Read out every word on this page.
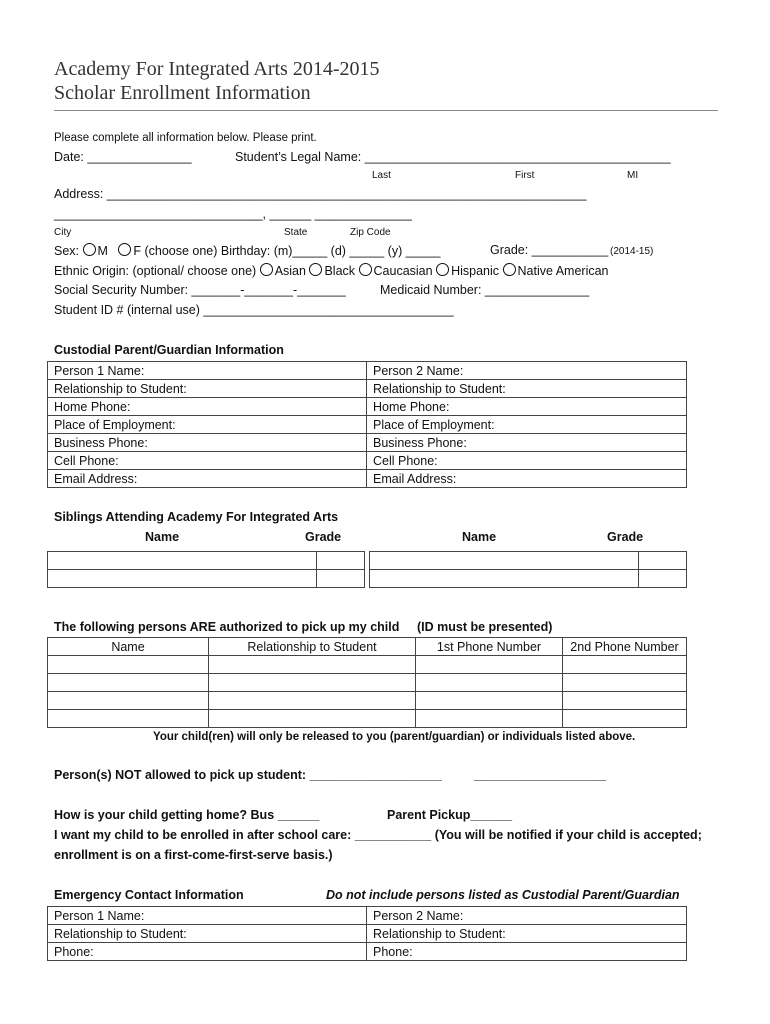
Academy For Integrated Arts 2014-2015
Scholar Enrollment Information
Please complete all information below. Please print.
Date: _______________	Student’s Legal Name: ____________________________________________
Last	First	MI
Address: _____________________________________________________________________
______________________________, ______ ______________
City	State	Zip Code
Sex: M F (choose one) Birthday: (m)_____ (d) _____ (y) _____	Grade: ___________ (2014-15)
Ethnic Origin: (optional/ choose one) Asian Black Caucasian Hispanic Native American
Social Security Number: _______-_______-_______	Medicaid Number: _______________
Student ID # (internal use) ____________________________________
Custodial Parent/Guardian Information
Person 1 Name:	Person 2 Name:
Relationship to Student:	Relationship to Student:
Home Phone:	Home Phone:
Place of Employment:	Place of Employment:
Business Phone:	Business Phone:
Cell Phone:	Cell Phone:
Email Address:	Email Address:
Siblings Attending Academy For Integrated Arts
Name	Grade	Name	Grade

The following persons ARE authorized to pick up my child (ID must be presented)
Name	Relationship to Student	1st Phone Number	2nd Phone Number

Your child(ren) will only be released to you (parent/guardian) or individuals listed above.
Person(s) NOT allowed to pick up student: ___________________	___________________
How is your child getting home? Bus ______	Parent Pickup______
I want my child to be enrolled in after school care: ___________ (You will be notified if your child is accepted;
enrollment is on a first-come-first-serve basis.)
Emergency Contact Information	Do not include persons listed as Custodial Parent/Guardian
Person 1 Name:	Person 2 Name:
Relationship to Student:	Relationship to Student:
Phone:	Phone:
